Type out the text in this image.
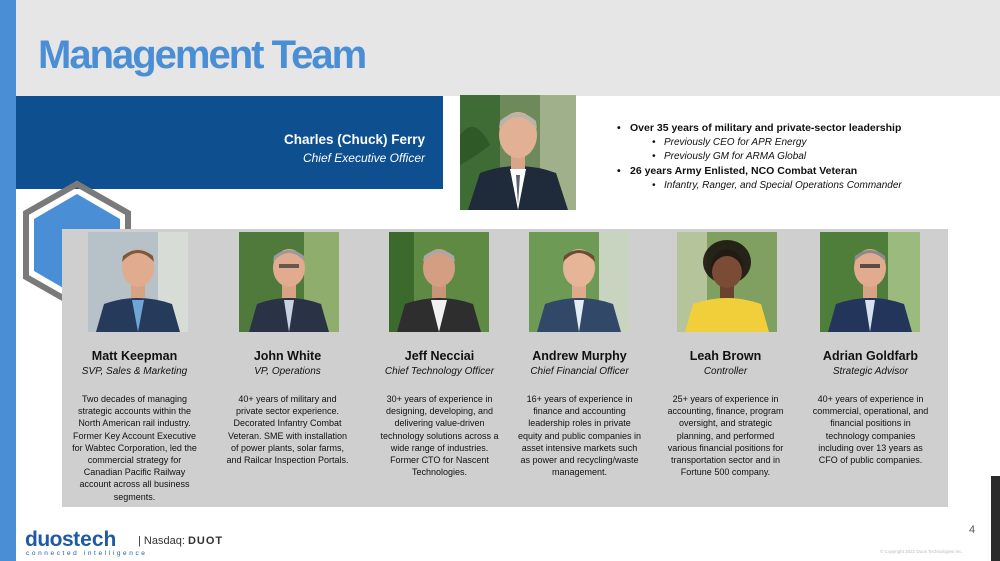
Management Team
Charles (Chuck) Ferry
Chief Executive Officer
• Over 35 years of military and private-sector leadership
• Previously CEO for APR Energy
• Previously GM for ARMA Global
• 26 years Army Enlisted, NCO Combat Veteran
• Infantry, Ranger, and Special Operations Commander
Matt Keepman
SVP, Sales & Marketing
Two decades of managing strategic accounts within the North American rail industry. Former Key Account Executive for Wabtec Corporation, led the commercial strategy for Canadian Pacific Railway account across all business segments.
John White
VP, Operations
40+ years of military and private sector experience. Decorated Infantry Combat Veteran. SME with installation of power plants, solar farms, and Railcar Inspection Portals.
Jeff Necciai
Chief Technology Officer
30+ years of experience in designing, developing, and delivering value-driven technology solutions across a wide range of industries. Former CTO for Nascent Technologies.
Andrew Murphy
Chief Financial Officer
16+ years of experience in finance and accounting leadership roles in private equity and public companies in asset intensive markets such as power and recycling/waste management.
Leah Brown
Controller
25+ years of experience in accounting, finance, program oversight, and strategic planning, and performed various financial positions for transportation sector and in Fortune 500 company.
Adrian Goldfarb
Strategic Advisor
40+ years of experience in commercial, operational, and financial positions in technology companies including over 13 years as CFO of public companies.
duostech
connected intelligence
| Nasdaq: DUOT
4
© Copyright 2022 Duos Technologies Inc.
